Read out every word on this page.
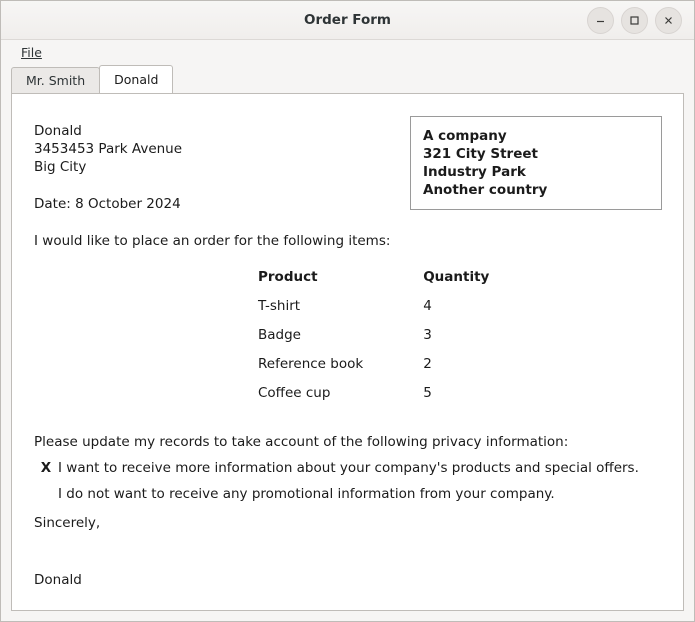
Order Form
File
Mr. Smith Donald
A company
321 City Street
Industry Park
Another country
Donald
3453453 Park Avenue
Big City
Date: 8 October 2024
I would like to place an order for the following items:
Product	Quantity
T-shirt	4
Badge	3
Reference book	2
Coffee cup	5
Please update my records to take account of the following privacy information:
X I want to receive more information about your company's products and special offers.
I do not want to receive any promotional information from your company.
Sincerely,
Donald
